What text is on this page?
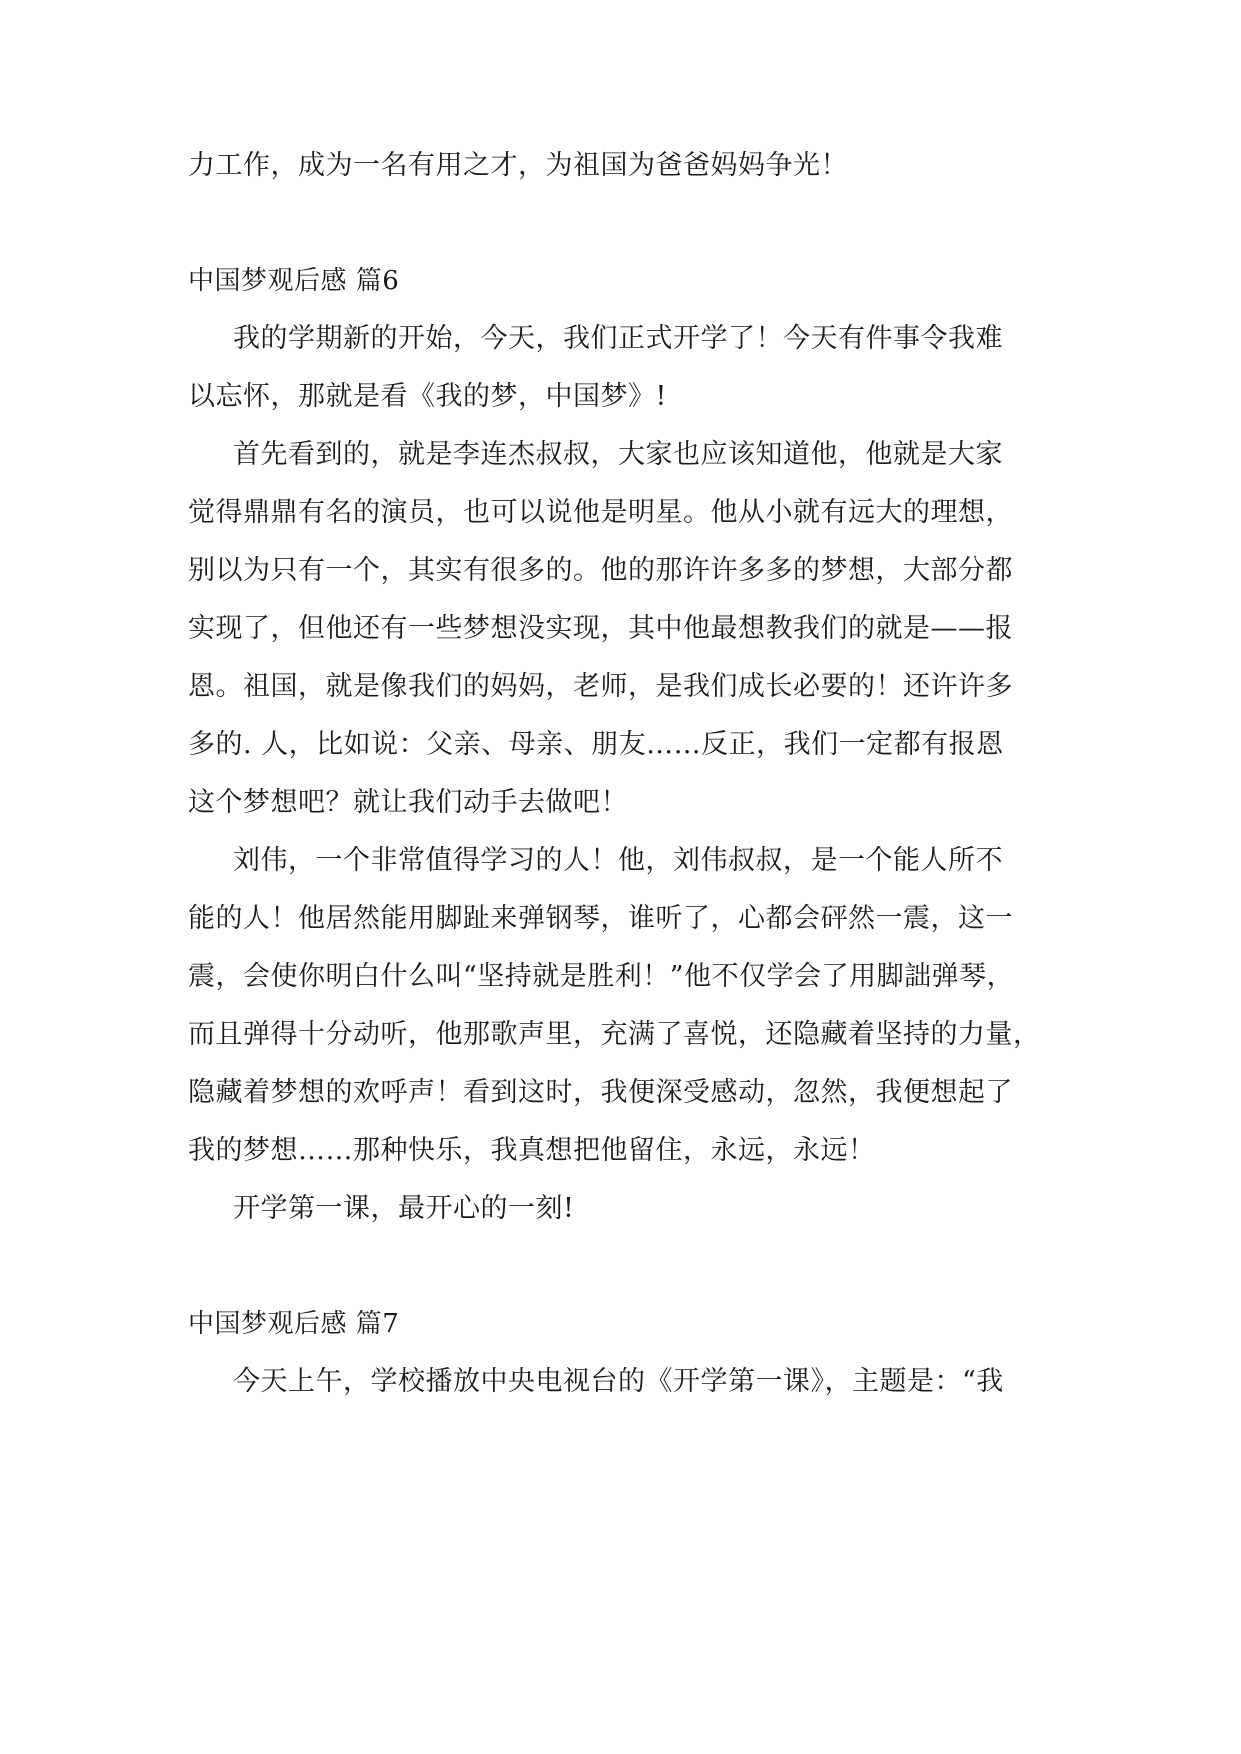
力工作，成为一名有用之才，为祖国为爸爸妈妈争光！
中国梦观后感 篇6
我的学期新的开始，今天，我们正式开学了！今天有件事令我难
以忘怀，那就是看《我的梦，中国梦》!
首先看到的，就是李连杰叔叔，大家也应该知道他，他就是大家
觉得鼎鼎有名的演员，也可以说他是明星。他从小就有远大的理想，
别以为只有一个，其实有很多的。他的那许许多多的梦想，大部分都
实现了，但他还有一些梦想没实现，其中他最想教我们的就是——报
恩。祖国，就是像我们的妈妈，老师，是我们成长必要的！还许许多
多的. 人，比如说：父亲、母亲、朋友……反正，我们一定都有报恩
这个梦想吧？就让我们动手去做吧！
刘伟，一个非常值得学习的人！他，刘伟叔叔，是一个能人所不
能的人！他居然能用脚趾来弹钢琴，谁听了，心都会砰然一震，这一
震，会使你明白什么叫“坚持就是胜利！”他不仅学会了用脚詘弹琴，
而且弹得十分动听，他那歌声里，充满了喜悦，还隐藏着坚持的力量，
隐藏着梦想的欢呼声！看到这时，我便深受感动，忽然，我便想起了
我的梦想……那种快乐，我真想把他留住，永远，永远！
开学第一课，最开心的一刻!
中国梦观后感 篇7
今天上午，学校播放中央电视台的《开学第一课》，主题是：“我
